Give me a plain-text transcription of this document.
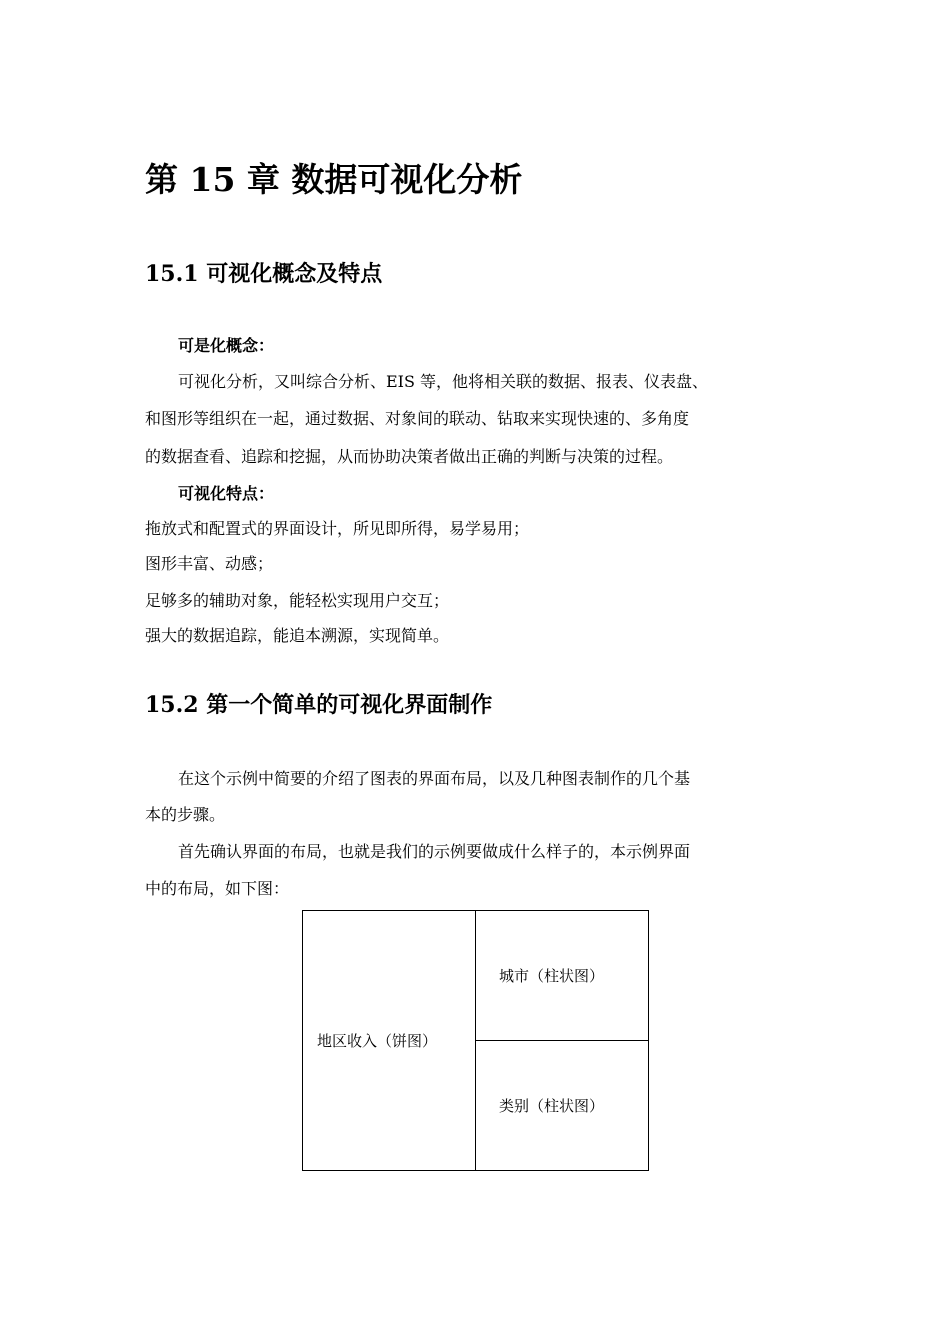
第 15 章 数据可视化分析
15.1 可视化概念及特点
可是化概念：
可视化分析，又叫综合分析、EIS 等，他将相关联的数据、报表、仪表盘、
和图形等组织在一起，通过数据、对象间的联动、钻取来实现快速的、多角度
的数据查看、追踪和挖掘，从而协助决策者做出正确的判断与决策的过程。
可视化特点：
拖放式和配置式的界面设计，所见即所得，易学易用；
图形丰富、动感；
足够多的辅助对象，能轻松实现用户交互；
强大的数据追踪，能追本溯源，实现简单。
15.2 第一个简单的可视化界面制作
在这个示例中简要的介绍了图表的界面布局，以及几种图表制作的几个基
本的步骤。
首先确认界面的布局，也就是我们的示例要做成什么样子的，本示例界面
中的布局，如下图：
地区收入（饼图）
城市（柱状图）
类别（柱状图）
